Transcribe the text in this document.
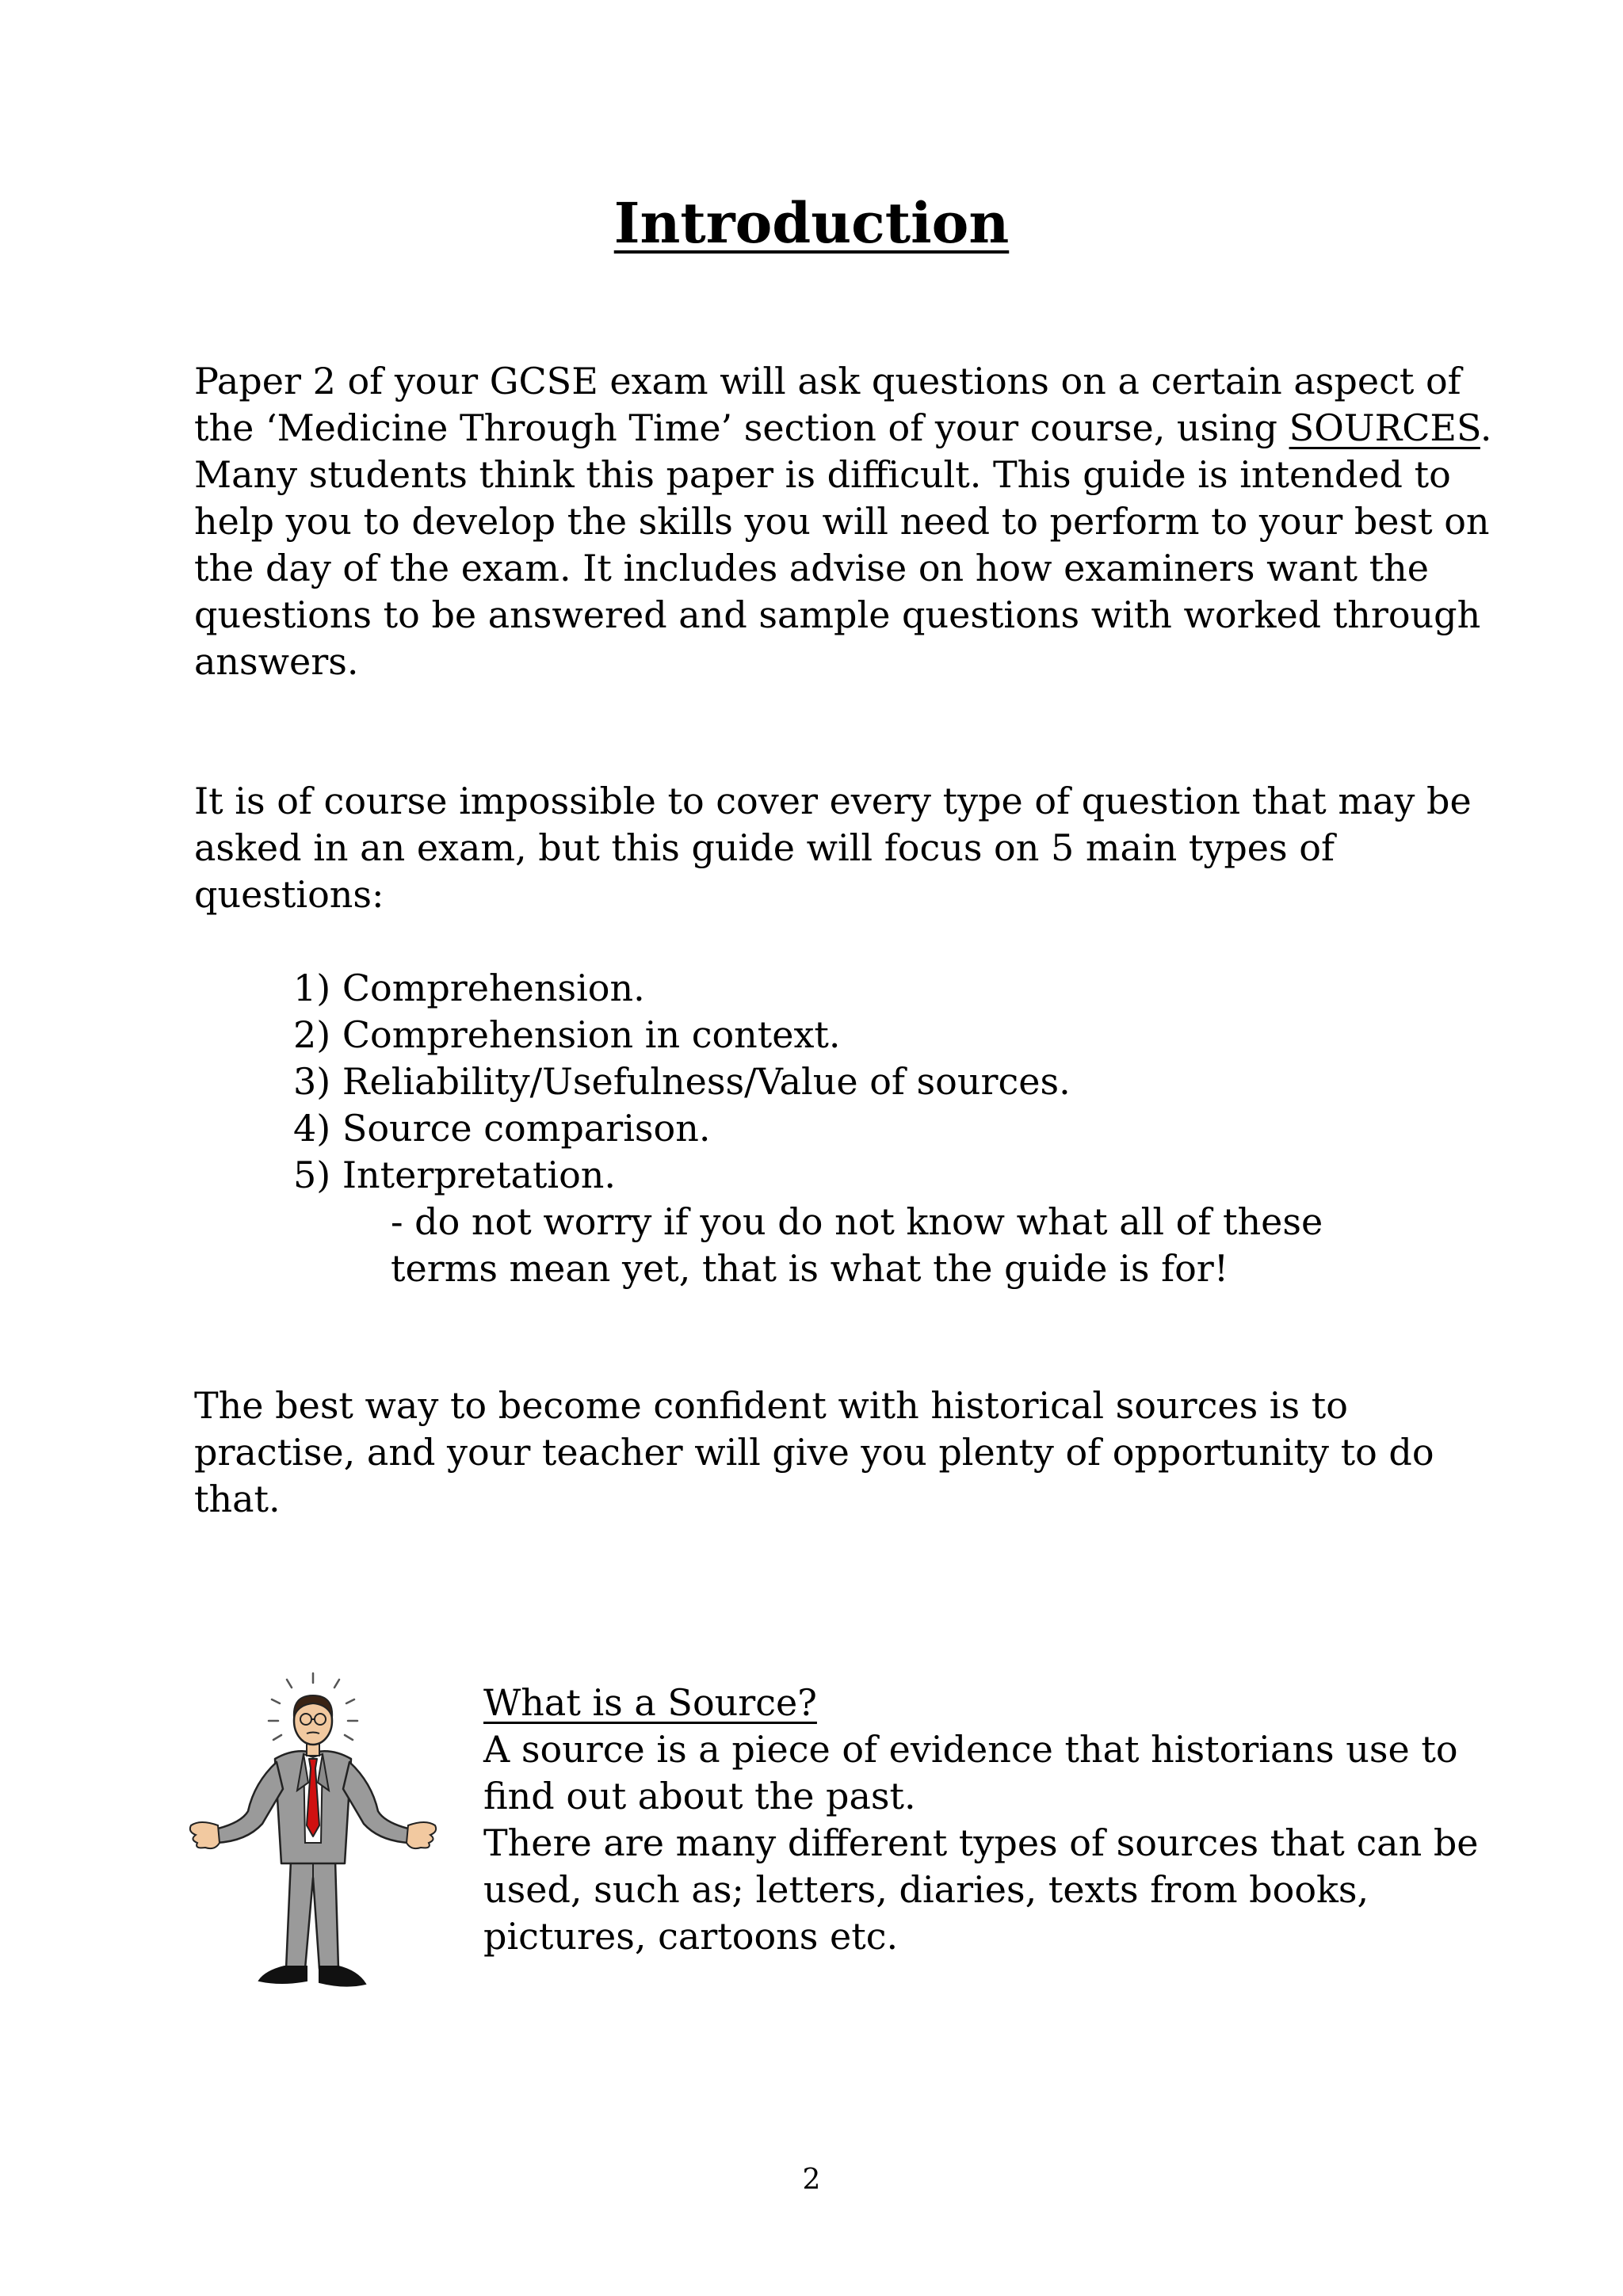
Introduction

Paper 2 of your GCSE exam will ask questions on a certain aspect of the ‘Medicine Through Time’ section of your course, using SOURCES. Many students think this paper is difficult. This guide is intended to help you to develop the skills you will need to perform to your best on the day of the exam. It includes advise on how examiners want the questions to be answered and sample questions with worked through answers.

It is of course impossible to cover every type of question that may be asked in an exam, but this guide will focus on 5 main types of questions:

1) Comprehension.
2) Comprehension in context.
3) Reliability/Usefulness/Value of sources.
4) Source comparison.
5) Interpretation.

- do not worry if you do not know what all of these terms mean yet, that is what the guide is for!

The best way to become confident with historical sources is to practise, and your teacher will give you plenty of opportunity to do that.

What is a Source?

A source is a piece of evidence that historians use to find out about the past.

There are many different types of sources that can be used, such as; letters, diaries, texts from books, pictures, cartoons etc.

2
